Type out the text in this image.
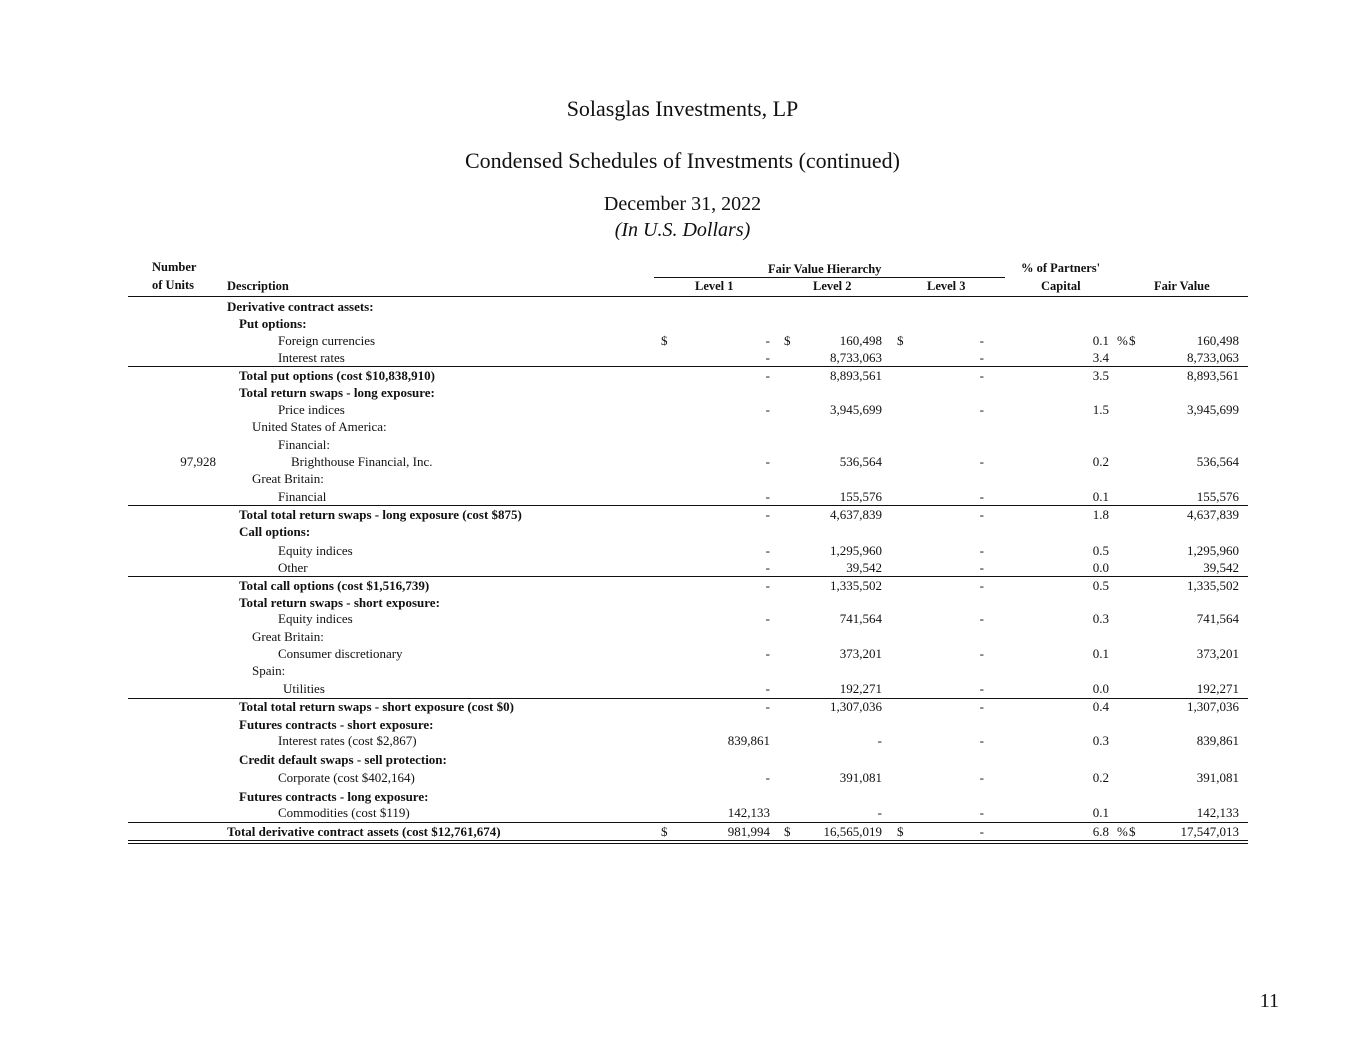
Solasglas Investments, LP
Condensed Schedules of Investments (continued)
December 31, 2022
(In U.S. Dollars)
Number
of Units	Description
Fair Value Hierarchy
Level 1	Level 2	Level 3
% of Partners'
Capital	Fair Value
Derivative contract assets:
Put options:
Foreign currencies	$	- $	160,498 $	-	0.1 % $	160,498
Interest rates	-	8,733,063	-	3.4	8,733,063
Total put options (cost $10,838,910)	-	8,893,561	-	3.5	8,893,561
Total return swaps - long exposure:
Price indices	-	3,945,699	-	1.5	3,945,699
United States of America:
Financial:
97,928	Brighthouse Financial, Inc.	-	536,564	-	0.2	536,564
Great Britain:
Financial	-	155,576	-	0.1	155,576
Total total return swaps - long exposure (cost $875)	-	4,637,839	-	1.8	4,637,839
Call options:
Equity indices	-	1,295,960	-	0.5	1,295,960
Other	-	39,542	-	0.0	39,542
Total call options (cost $1,516,739)	-	1,335,502	-	0.5	1,335,502
Total return swaps - short exposure:
Equity indices	-	741,564	-	0.3	741,564
Great Britain:
Consumer discretionary	-	373,201	-	0.1	373,201
Spain:
Utilities	-	192,271	-	0.0	192,271
Total total return swaps - short exposure (cost $0)	-	1,307,036	-	0.4	1,307,036
Futures contracts - short exposure:
Interest rates (cost $2,867)	839,861	-	-	0.3	839,861
Credit default swaps - sell protection:
Corporate (cost $402,164)	-	391,081	-	0.2	391,081
Futures contracts - long exposure:
Commodities (cost $119)	142,133	-	-	0.1	142,133
Total derivative contract assets (cost $12,761,674)	$	981,994 $	16,565,019 $	-	6.8 % $	17,547,013
11
